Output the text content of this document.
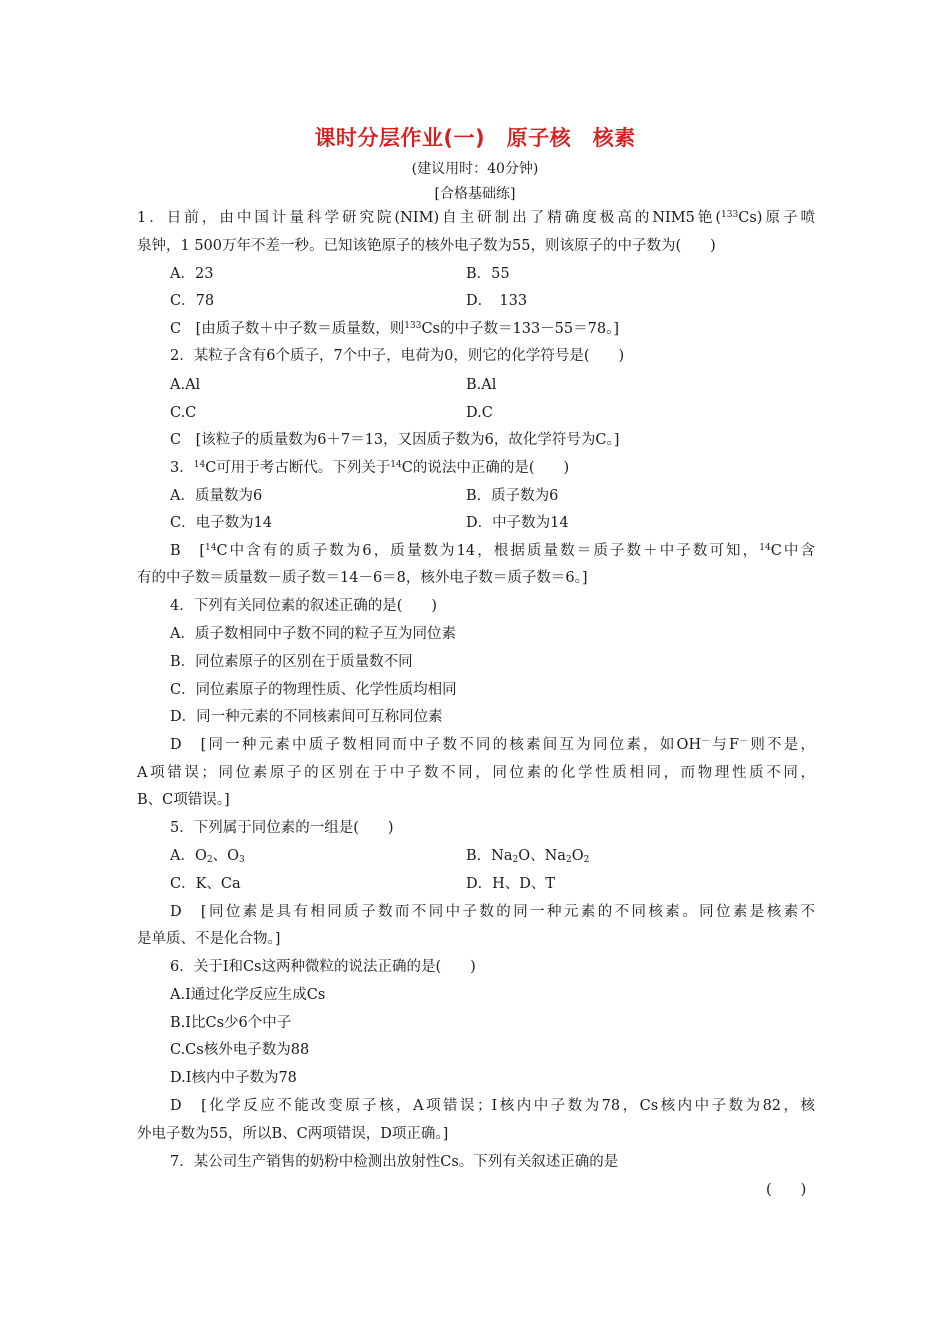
课时分层作业(一)　原子核　核素
(建议用时：40分钟)
[合格基础练]
1．日前，由中国计量科学研究院(NIM)自主研制出了精确度极高的NIM5铯($^{133}$Cs)原子喷
泉钟，1 500万年不差一秒。已知该铯原子的核外电子数为55，则该原子的中子数为(　　)
A．23	B．55
C．78	D．　133
C　[由质子数＋中子数＝质量数，则$^{133}$Cs的中子数＝133－55＝78。]
2．某粒子含有6个质子，7个中子，电荷为0，则它的化学符号是(　　)
A.Al	B.Al
C.C	D.C
C　[该粒子的质量数为6＋7＝13，又因质子数为6，故化学符号为C。]
3．$^{14}$C可用于考古断代。下列关于$^{14}$C的说法中正确的是(　　)
A．质量数为6	B．质子数为6
C．电子数为14	D．中子数为14
B　[$^{14}$C中含有的质子数为6，质量数为14，根据质量数＝质子数＋中子数可知，$^{14}$C中含
有的中子数＝质量数－质子数＝14－6＝8，核外电子数＝质子数＝6。]
4．下列有关同位素的叙述正确的是(　　)
A．质子数相同中子数不同的粒子互为同位素
B．同位素原子的区别在于质量数不同
C．同位素原子的物理性质、化学性质均相同
D．同一种元素的不同核素间可互称同位素
D　[同一种元素中质子数相同而中子数不同的核素间互为同位素，如OH－与F－则不是，
A项错误；同位素原子的区别在于中子数不同，同位素的化学性质相同，而物理性质不同，
B、C项错误。]
5．下列属于同位素的一组是(　　)
A．$O_2$、$O_3$	B．$Na_2O$、$Na_2O_2$
C．K、Ca	D．H、D、T
D　[同位素是具有相同质子数而不同中子数的同一种元素的不同核素。同位素是核素不
是单质、不是化合物。]
6．关于I和Cs这两种微粒的说法正确的是(　　)
A.I通过化学反应生成Cs
B.I比Cs少6个中子
C.Cs核外电子数为88
D.I核内中子数为78
D　[化学反应不能改变原子核，A项错误；I核内中子数为78，Cs核内中子数为82，核
外电子数为55，所以B、C两项错误，D项正确。]
7．某公司生产销售的奶粉中检测出放射性Cs。下列有关叙述正确的是
(　　)
